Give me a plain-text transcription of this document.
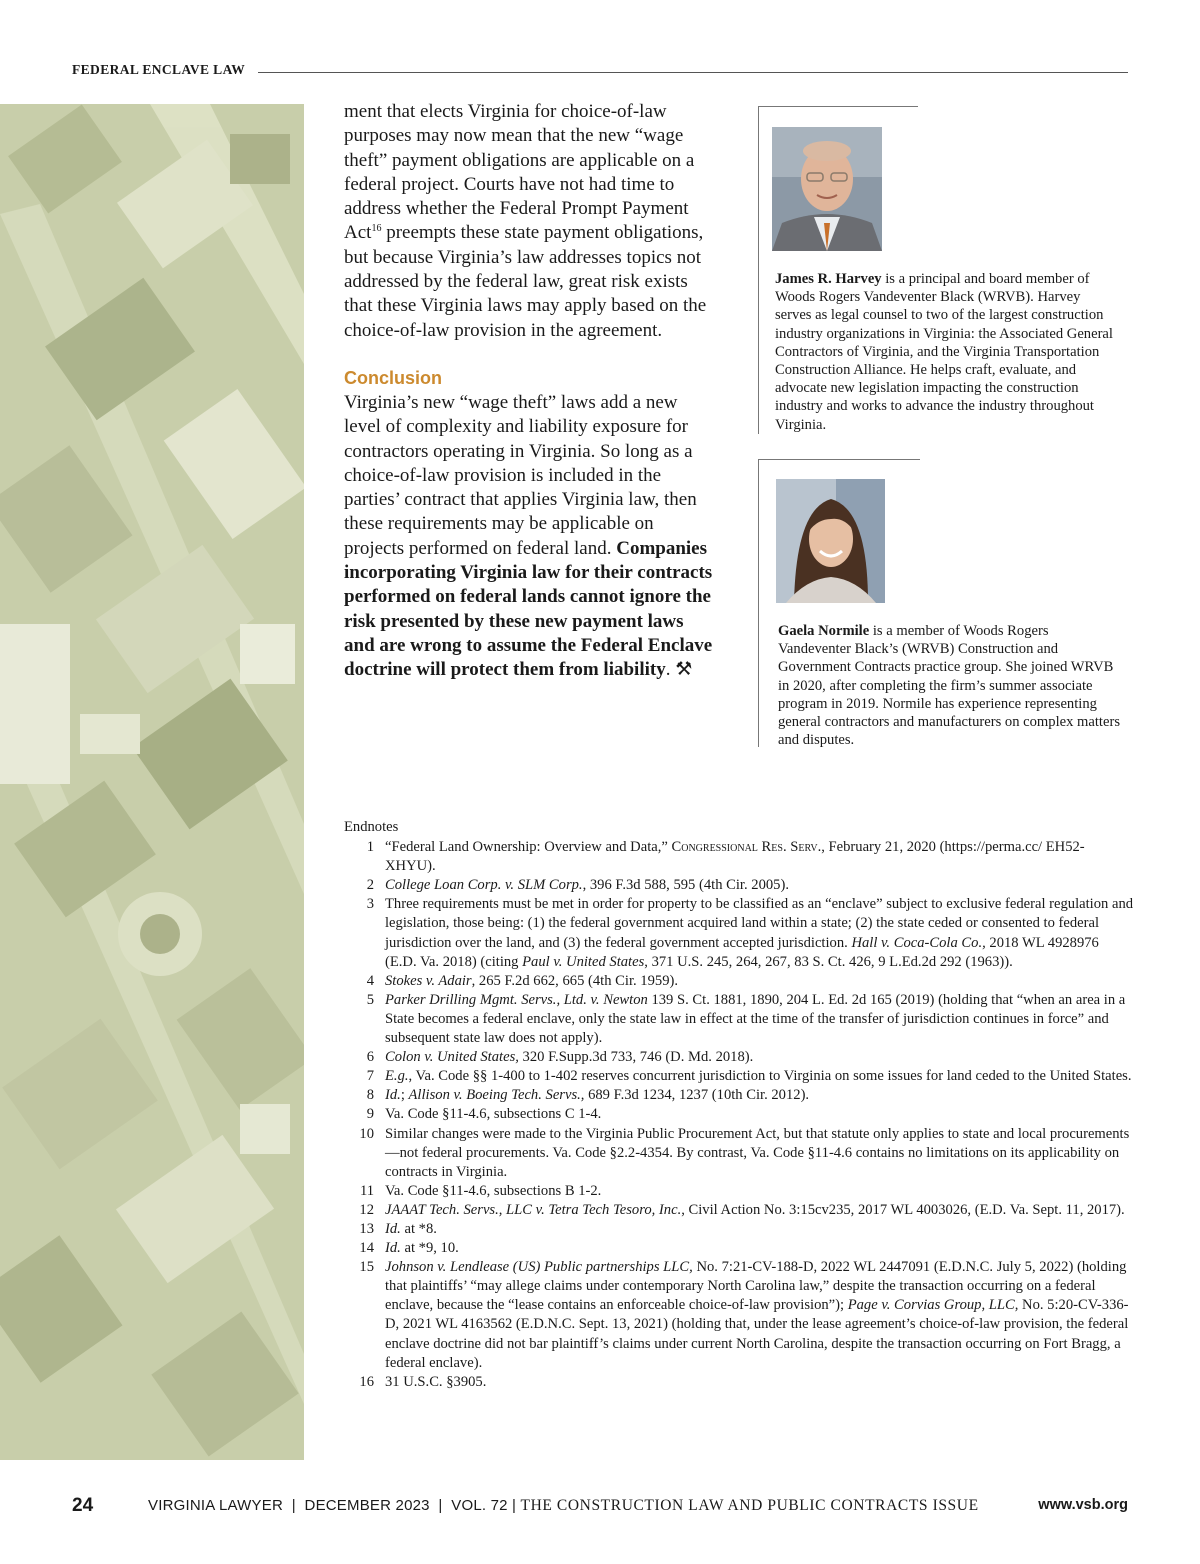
FEDERAL ENCLAVE LAW

ment that elects Virginia for choice-of-law purposes may now mean that the new “wage theft” payment obligations are applicable on a federal project. Courts have not had time to address whether the Federal Prompt Payment Act$^{16}$ preempts these state payment obligations, but because Virginia’s law addresses topics not addressed by the federal law, great risk exists that these Virginia laws may apply based on the choice-of-law provision in the agreement.

Conclusion

Virginia’s new “wage theft” laws add a new level of complexity and liability exposure for contractors operating in Virginia. So long as a choice-of-law provision is included in the parties’ contract that applies Virginia law, then these requirements may be applicable on projects performed on federal land. Companies incorporating Virginia law for their contracts performed on federal lands cannot ignore the risk presented by these new payment laws and are wrong to assume the Federal Enclave doctrine will protect them from liability. ⚒

James R. Harvey is a principal and board member of Woods Rogers Vandeventer Black (WRVB). Harvey serves as legal counsel to two of the largest construction industry organizations in Virginia: the Associated General Contractors of Virginia, and the Virginia Transportation Construction Alliance. He helps craft, evaluate, and advocate new legislation impacting the construction industry and works to advance the industry throughout Virginia.
Gaela Normile is a member of Woods Rogers Vandeventer Black’s (WRVB) Construction and Government Contracts practice group. She joined WRVB in 2020, after completing the firm’s summer associate program in 2019. Normile has experience representing general contractors and manufacturers on complex matters and disputes.
Endnotes
1 “Federal Land Ownership: Overview and Data,” Congressional Res. Serv., February 21, 2020 (https://perma.cc/ EH52-XHYU).
2 College Loan Corp. v. SLM Corp., 396 F.3d 588, 595 (4th Cir. 2005).
3 Three requirements must be met in order for property to be classified as an “enclave” subject to exclusive federal regulation and legislation, those being: (1) the federal government acquired land within a state; (2) the state ceded or consented to federal jurisdiction over the land, and (3) the federal government accepted jurisdiction. Hall v. Coca-Cola Co., 2018 WL 4928976 (E.D. Va. 2018) (citing Paul v. United States, 371 U.S. 245, 264, 267, 83 S. Ct. 426, 9 L.Ed.2d 292 (1963)).
4 Stokes v. Adair, 265 F.2d 662, 665 (4th Cir. 1959).
5 Parker Drilling Mgmt. Servs., Ltd. v. Newton 139 S. Ct. 1881, 1890, 204 L. Ed. 2d 165 (2019) (holding that “when an area in a State becomes a federal enclave, only the state law in effect at the time of the transfer of jurisdiction continues in force” and subsequent state law does not apply).
6 Colon v. United States, 320 F.Supp.3d 733, 746 (D. Md. 2018).
7 E.g., Va. Code §§ 1-400 to 1-402 reserves concurrent jurisdiction to Virginia on some issues for land ceded to the United States.
8 Id.; Allison v. Boeing Tech. Servs., 689 F.3d 1234, 1237 (10th Cir. 2012).
9 Va. Code §11-4.6, subsections C 1-4.
10 Similar changes were made to the Virginia Public Procurement Act, but that statute only applies to state and local procurements—not federal procurements. Va. Code §2.2-4354. By contrast, Va. Code §11-4.6 contains no limitations on its applicability on contracts in Virginia.
11 Va. Code §11-4.6, subsections B 1-2.
12 JAAAT Tech. Servs., LLC v. Tetra Tech Tesoro, Inc., Civil Action No. 3:15cv235, 2017 WL 4003026, (E.D. Va. Sept. 11, 2017).
13 Id. at *8.
14 Id. at *9, 10.
15 Johnson v. Lendlease (US) Public partnerships LLC, No. 7:21-CV-188-D, 2022 WL 2447091 (E.D.N.C. July 5, 2022) (holding that plaintiffs’ “may allege claims under contemporary North Carolina law,” despite the transaction occurring on a federal enclave, because the “lease contains an enforceable choice-of-law provision”); Page v. Corvias Group, LLC, No. 5:20-CV-336-D, 2021 WL 4163562 (E.D.N.C. Sept. 13, 2021) (holding that, under the lease agreement’s choice-of-law provision, the federal enclave doctrine did not bar plaintiff’s claims under current North Carolina, despite the transaction occurring on Fort Bragg, a federal enclave).
16 31 U.S.C. §3905.
24	VIRGINIA LAWYER  |  DECEMBER 2023  |  VOL. 72 | THE CONSTRUCTION LAW AND PUBLIC CONTRACTS ISSUE	www.vsb.org
